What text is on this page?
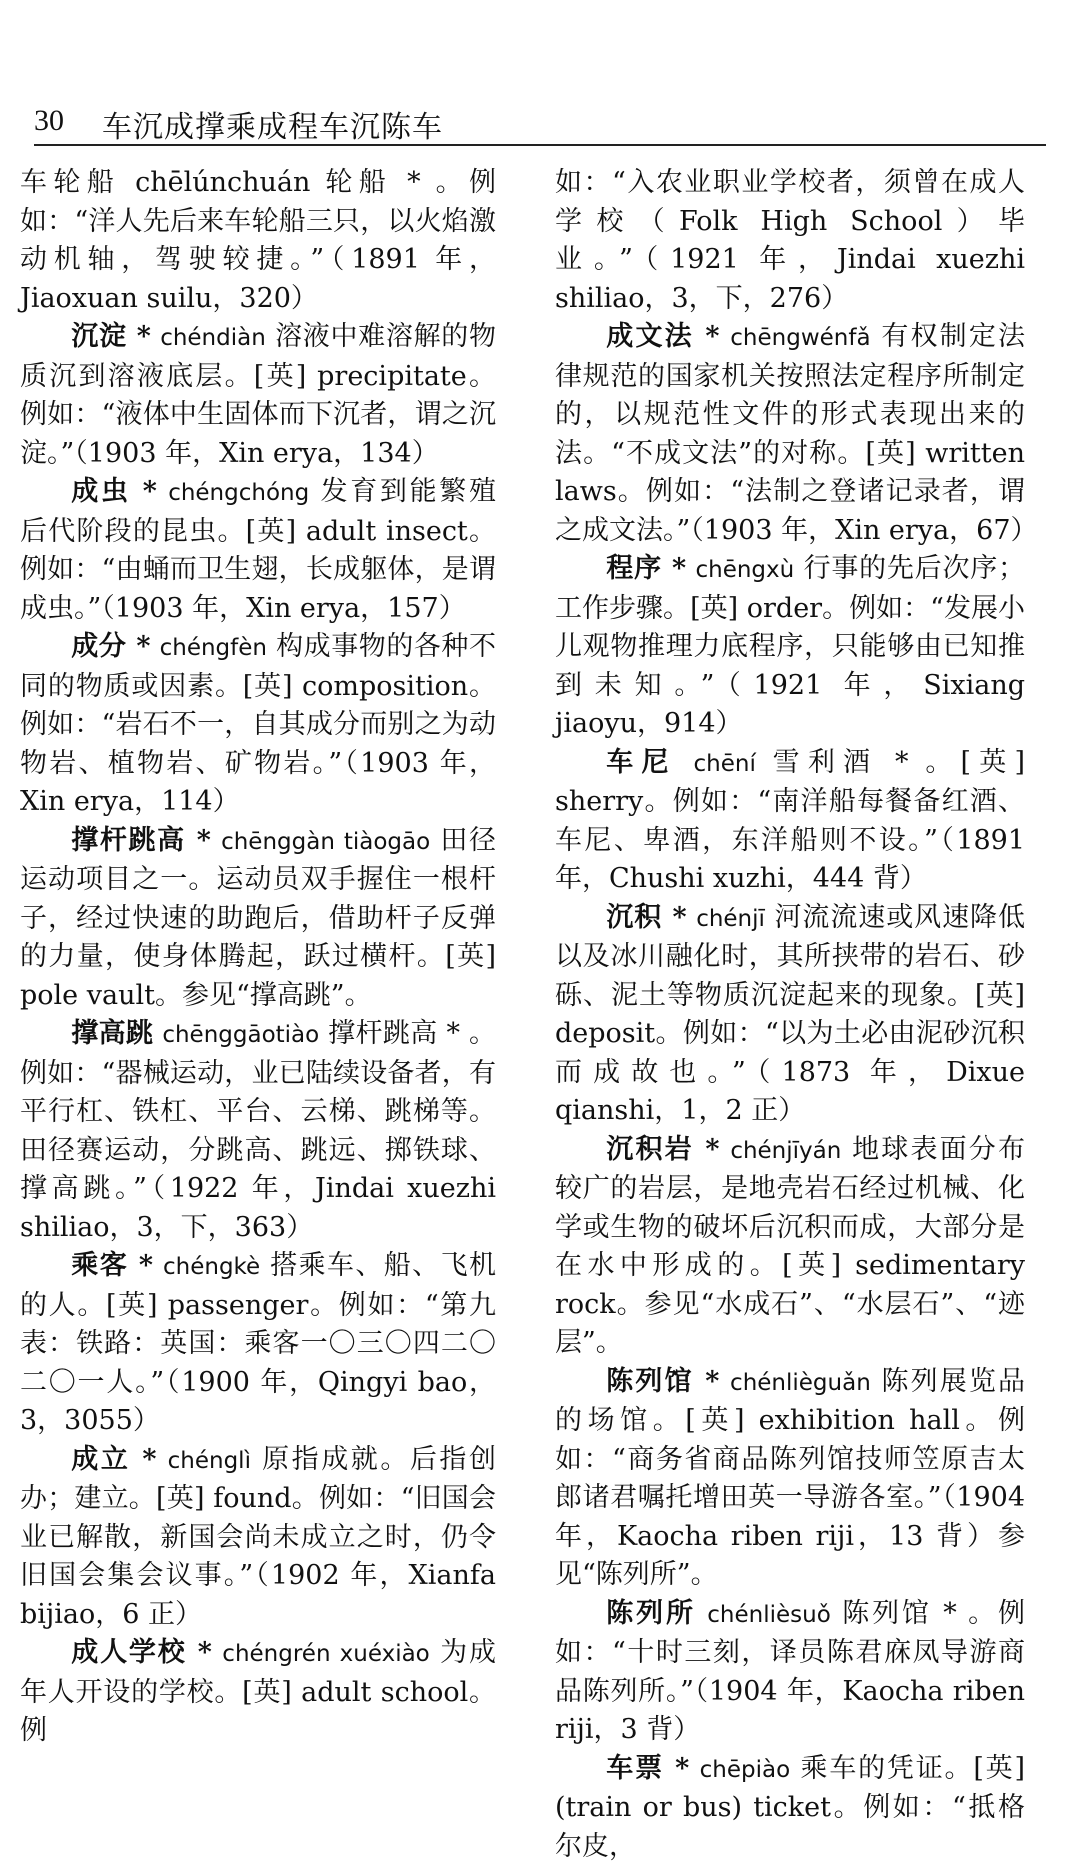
30 车沉成撑乘成程车沉陈车

车轮船 chēlúnchuán 轮船 * 。例如：“洋人先后来车轮船三只，以火焰激动机轴，驾驶较捷。”（1891 年，Jiaoxuan suilu，320）

沉淀 * chéndiàn 溶液中难溶解的物质沉到溶液底层。[英] precipitate。例如：“液体中生固体而下沉者，谓之沉淀。”（1903 年，Xin erya，134）

成虫 * chéngchóng 发育到能繁殖后代阶段的昆虫。[英] adult insect。例如：“由蛹而卫生翅，长成躯体，是谓成虫。”（1903 年，Xin erya，157）

成分 * chéngfèn 构成事物的各种不同的物质或因素。[英] composition。例如：“岩石不一，自其成分而别之为动物岩、植物岩、矿物岩。”（1903 年，Xin erya，114）

撑杆跳高 * chēnggàn tiàogāo 田径运动项目之一。运动员双手握住一根杆子，经过快速的助跑后，借助杆子反弹的力量，使身体腾起，跃过横杆。[英] pole vault。参见“撑高跳”。

撑高跳 chēnggāotiào 撑杆跳高 * 。例如：“器械运动，业已陆续设备者，有平行杠、铁杠、平台、云梯、跳梯等。田径赛运动，分跳高、跳远、掷铁球、撑高跳。”（1922 年，Jindai xuezhi shiliao，3，下，363）

乘客 * chéngkè 搭乘车、船、飞机的人。[英] passenger。例如：“第九表：铁路：英国：乘客一〇三〇四二〇二〇一人。”（1900 年，Qingyi bao，3，3055）

成立 * chénglì 原指成就。后指创办；建立。[英] found。例如：“旧国会业已解散，新国会尚未成立之时，仍令旧国会集会议事。”（1902 年，Xianfa bijiao，6 正）

成人学校 * chéngrén xuéxiào 为成年人开设的学校。[英] adult school。例

如：“入农业职业学校者，须曾在成人学校（Folk High School）毕业。”（1921 年，Jindai xuezhi shiliao，3，下，276）

成文法 * chēngwénfǎ 有权制定法律规范的国家机关按照法定程序所制定的，以规范性文件的形式表现出来的法。“不成文法”的对称。[英] written laws。例如：“法制之登诸记录者，谓之成文法。”（1903 年，Xin erya，67）

程序 * chēngxù 行事的先后次序；工作步骤。[英] order。例如：“发展小儿观物推理力底程序，只能够由已知推到未知。”（1921 年，Sixiang jiaoyu，914）

车尼 chēní 雪利酒 * 。[英] sherry。例如：“南洋船每餐备红酒、车尼、卑酒，东洋船则不设。”（1891 年，Chushi xuzhi，444 背）

沉积 * chénjī 河流流速或风速降低以及冰川融化时，其所挟带的岩石、砂砾、泥土等物质沉淀起来的现象。[英] deposit。例如：“以为土必由泥砂沉积而成故也。”（1873 年，Dixue qianshi，1，2 正）

沉积岩 * chénjīyán 地球表面分布较广的岩层，是地壳岩石经过机械、化学或生物的破坏后沉积而成，大部分是在水中形成的。[英] sedimentary rock。参见“水成石”、“水层石”、“迹层”。

陈列馆 * chénlièguǎn 陈列展览品的场馆。[英] exhibition hall。例如：“商务省商品陈列馆技师笠原吉太郎诸君嘱托增田英一导游各室。”（1904 年，Kaocha riben riji，13 背）参见“陈列所”。

陈列所 chénlièsuǒ 陈列馆 * 。例如：“十时三刻，译员陈君庥凤导游商品陈列所。”（1904 年，Kaocha riben riji，3 背）

车票 * chēpiào 乘车的凭证。[英] (train or bus) ticket。例如：“抵格尔皮，
